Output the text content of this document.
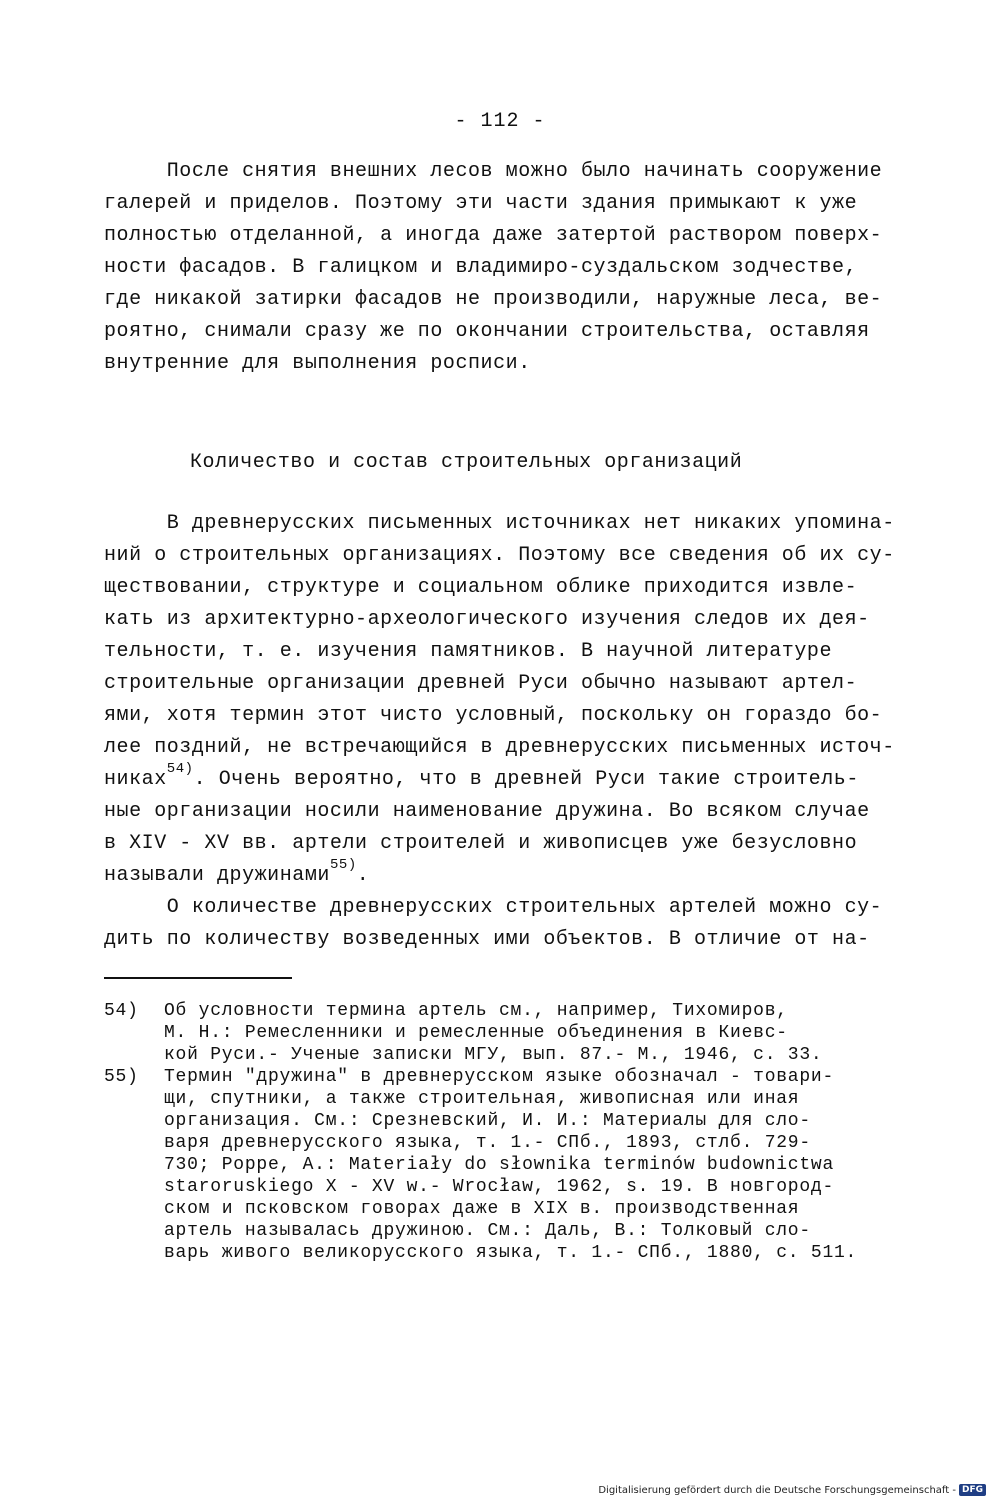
- 112 -
После снятия внешних лесов можно было начинать сооружение
галерей и приделов. Поэтому эти части здания примыкают к уже
полностью отделанной, а иногда даже затертой раствором поверх-
ности фасадов. В галицком и владимиро-суздальском зодчестве,
где никакой затирки фасадов не производили, наружные леса, ве-
роятно, снимали сразу же по окончании строительства, оставляя
внутренние для выполнения росписи.
Количество и состав строительных организаций
В древнерусских письменных источниках нет никаких упомина-
ний о строительных организациях. Поэтому все сведения об их су-
ществовании, структуре и социальном облике приходится извле-
кать из архитектурно-археологического изучения следов их дея-
тельности, т. е. изучения памятников. В научной литературе
строительные организации древней Руси обычно называют артел-
ями, хотя термин этот чисто условный, поскольку он гораздо бо-
лее поздний, не встречающийся в древнерусских письменных источ-
никах$^{54)}$. Очень вероятно, что в древней Руси такие строитель-
ные организации носили наименование дружина. Во всяком случае
в XIV - XV вв. артели строителей и живописцев уже безусловно
называли дружинами$^{55)}$.
О количестве древнерусских строительных артелей можно су-
дить по количеству возведенных ими объектов. В отличие от на-
54) Об условности термина артель см., например, Тихомиров,
М. Н.: Ремесленники и ремесленные объединения в Киевс-
кой Руси.- Ученые записки МГУ, вып. 87.- М., 1946, с. 33.
55) Термин "дружина" в древнерусском языке обозначал - товари-
щи, спутники, а также строительная, живописная или иная
организация. См.: Срезневский, И. И.: Материалы для сло-
варя древнерусского языка, т. 1.- СПб., 1893, стлб. 729-
730; Poppe, A.: Materiały do słownika terminów budownictwa
staroruskiego X - XV w.- Wrocław, 1962, s. 19. В новгород-
ском и псковском говорах даже в XIX в. производственная
артель называлась дружиною. См.: Даль, В.: Толковый сло-
варь живого великорусского языка, т. 1.- СПб., 1880, с. 511.
Digitalisierung gefördert durch die Deutsche Forschungsgemeinschaft - DFG
